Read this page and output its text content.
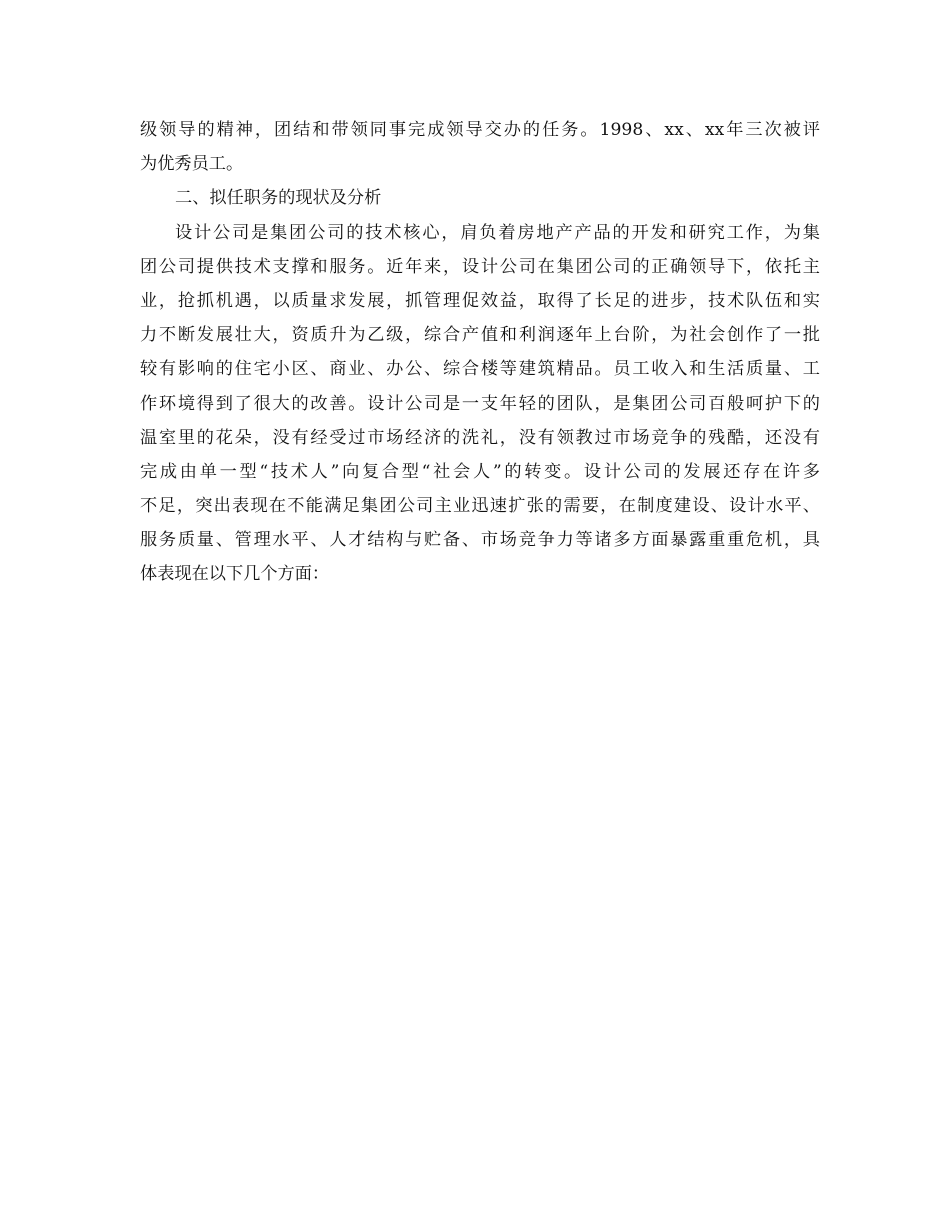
级领导的精神，团结和带领同事完成领导交办的任务。1998、xx、xx年三次被评
为优秀员工。
二、拟任职务的现状及分析
设计公司是集团公司的技术核心，肩负着房地产产品的开发和研究工作，为集
团公司提供技术支撑和服务。近年来，设计公司在集团公司的正确领导下，依托主
业，抢抓机遇，以质量求发展，抓管理促效益，取得了长足的进步，技术队伍和实
力不断发展壮大，资质升为乙级，综合产值和利润逐年上台阶，为社会创作了一批
较有影响的住宅小区、商业、办公、综合楼等建筑精品。员工收入和生活质量、工
作环境得到了很大的改善。设计公司是一支年轻的团队，是集团公司百般呵护下的
温室里的花朵，没有经受过市场经济的洗礼，没有领教过市场竞争的残酷，还没有
完成由单一型“技术人”向复合型“社会人”的转变。设计公司的发展还存在许多
不足，突出表现在不能满足集团公司主业迅速扩张的需要，在制度建设、设计水平、
服务质量、管理水平、人才结构与贮备、市场竞争力等诸多方面暴露重重危机，具
体表现在以下几个方面：
